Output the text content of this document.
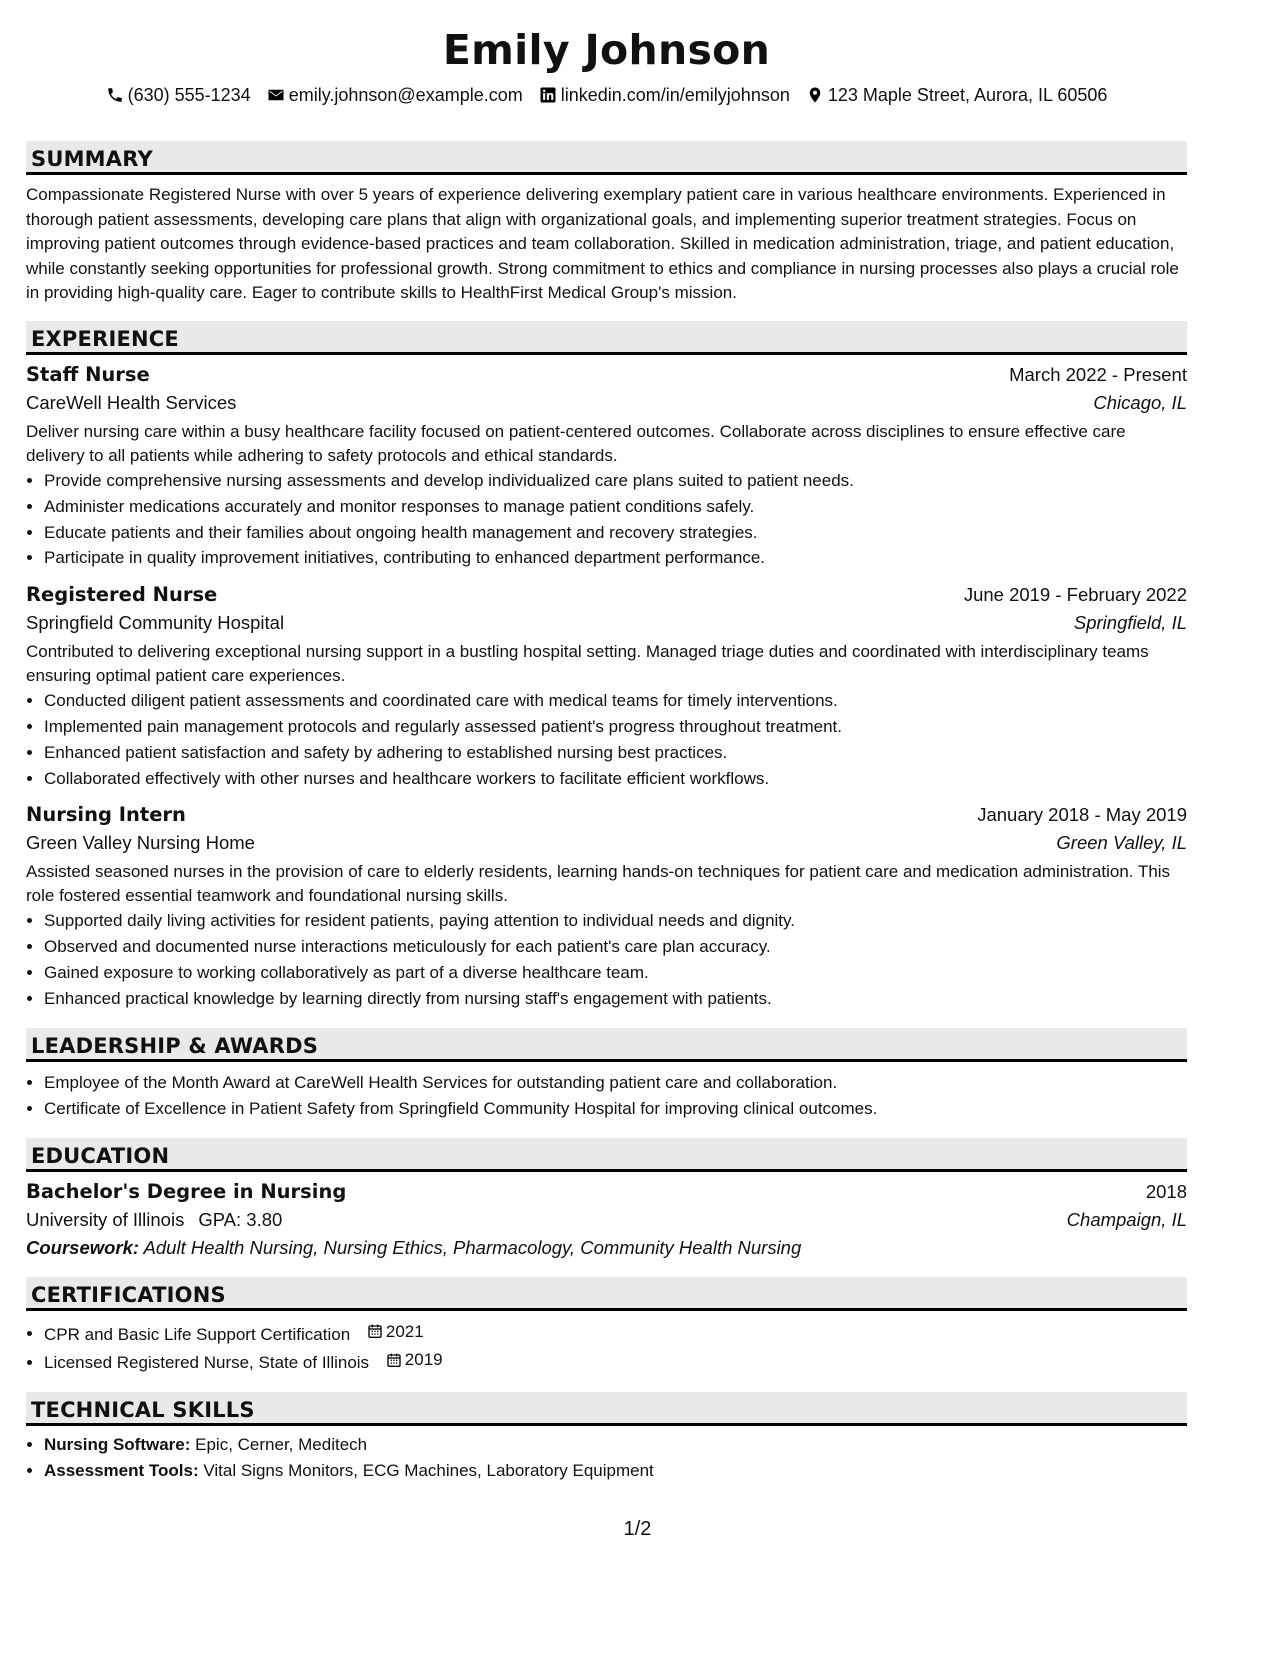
Emily Johnson
(630) 555-1234 emily.johnson@example.com linkedin.com/in/emilyjohnson 123 Maple Street, Aurora, IL 60506
SUMMARY
Compassionate Registered Nurse with over 5 years of experience delivering exemplary patient care in various healthcare environments. Experienced in thorough patient assessments, developing care plans that align with organizational goals, and implementing superior treatment strategies. Focus on improving patient outcomes through evidence-based practices and team collaboration. Skilled in medication administration, triage, and patient education, while constantly seeking opportunities for professional growth. Strong commitment to ethics and compliance in nursing processes also plays a crucial role in providing high-quality care. Eager to contribute skills to HealthFirst Medical Group's mission.
EXPERIENCE
Staff Nurse	March 2022 - Present
CareWell Health Services	Chicago, IL
Deliver nursing care within a busy healthcare facility focused on patient-centered outcomes. Collaborate across disciplines to ensure effective care delivery to all patients while adhering to safety protocols and ethical standards.
• Provide comprehensive nursing assessments and develop individualized care plans suited to patient needs.
• Administer medications accurately and monitor responses to manage patient conditions safely.
• Educate patients and their families about ongoing health management and recovery strategies.
• Participate in quality improvement initiatives, contributing to enhanced department performance.
Registered Nurse	June 2019 - February 2022
Springfield Community Hospital	Springfield, IL
Contributed to delivering exceptional nursing support in a bustling hospital setting. Managed triage duties and coordinated with interdisciplinary teams ensuring optimal patient care experiences.
• Conducted diligent patient assessments and coordinated care with medical teams for timely interventions.
• Implemented pain management protocols and regularly assessed patient's progress throughout treatment.
• Enhanced patient satisfaction and safety by adhering to established nursing best practices.
• Collaborated effectively with other nurses and healthcare workers to facilitate efficient workflows.
Nursing Intern	January 2018 - May 2019
Green Valley Nursing Home	Green Valley, IL
Assisted seasoned nurses in the provision of care to elderly residents, learning hands-on techniques for patient care and medication administration. This role fostered essential teamwork and foundational nursing skills.
• Supported daily living activities for resident patients, paying attention to individual needs and dignity.
• Observed and documented nurse interactions meticulously for each patient's care plan accuracy.
• Gained exposure to working collaboratively as part of a diverse healthcare team.
• Enhanced practical knowledge by learning directly from nursing staff's engagement with patients.
LEADERSHIP & AWARDS
• Employee of the Month Award at CareWell Health Services for outstanding patient care and collaboration.
• Certificate of Excellence in Patient Safety from Springfield Community Hospital for improving clinical outcomes.
EDUCATION
Bachelor's Degree in Nursing	2018
University of Illinois GPA: 3.80	Champaign, IL
Coursework: Adult Health Nursing, Nursing Ethics, Pharmacology, Community Health Nursing
CERTIFICATIONS
• CPR and Basic Life Support Certification 2021
• Licensed Registered Nurse, State of Illinois 2019
TECHNICAL SKILLS
• Nursing Software: Epic, Cerner, Meditech
• Assessment Tools: Vital Signs Monitors, ECG Machines, Laboratory Equipment
1/2
